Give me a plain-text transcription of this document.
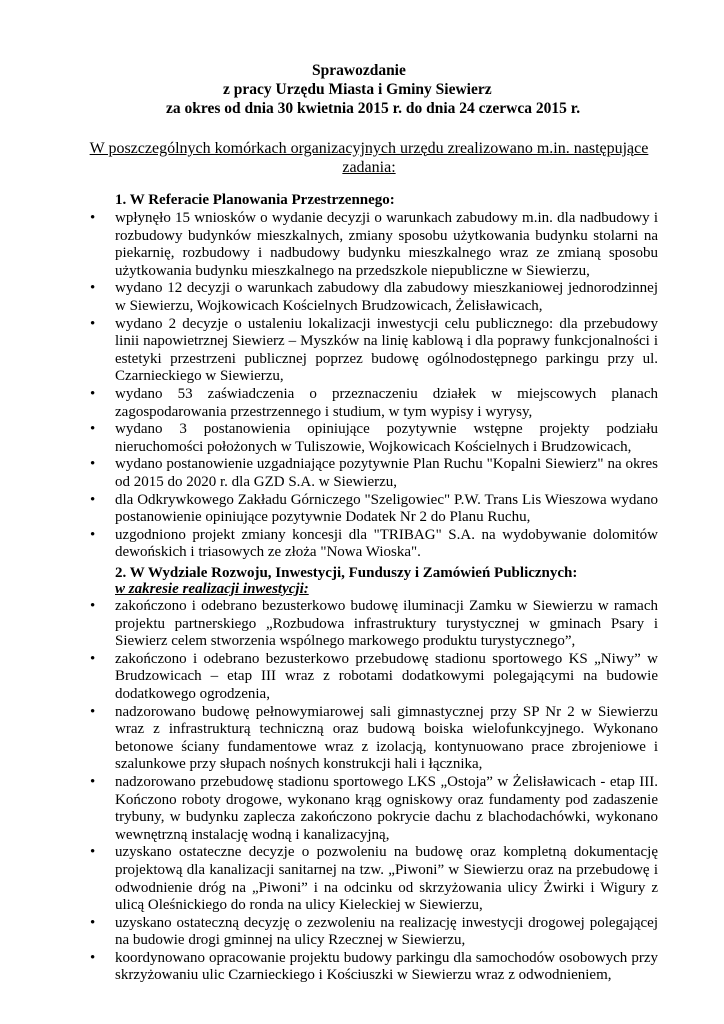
Sprawozdanie
z pracy Urzędu Miasta i Gminy Siewierz
za okres od dnia 30 kwietnia 2015 r. do dnia 24 czerwca 2015 r.
W poszczególnych komórkach organizacyjnych urzędu zrealizowano m.in. następujące zadania:
1. W Referacie Planowania Przestrzennego:
• wpłynęło 15 wniosków o wydanie decyzji o warunkach zabudowy m.in. dla nadbudowy i rozbudowy budynków mieszkalnych, zmiany sposobu użytkowania budynku stolarni na piekarnię, rozbudowy i nadbudowy budynku mieszkalnego wraz ze zmianą sposobu użytkowania budynku mieszkalnego na przedszkole niepubliczne w Siewierzu,
• wydano 12 decyzji o warunkach zabudowy dla zabudowy mieszkaniowej jednorodzinnej w Siewierzu, Wojkowicach Kościelnych Brudzowicach, Żelisławicach,
• wydano 2 decyzje o ustaleniu lokalizacji inwestycji celu publicznego: dla przebudowy linii napowietrznej Siewierz – Myszków na linię kablową i dla poprawy funkcjonalności i estetyki przestrzeni publicznej poprzez budowę ogólnodostępnego parkingu przy ul. Czarnieckiego w Siewierzu,
• wydano 53 zaświadczenia o przeznaczeniu działek w miejscowych planach zagospodarowania przestrzennego i studium, w tym wypisy i wyrysy,
• wydano 3 postanowienia opiniujące pozytywnie wstępne projekty podziału nieruchomości położonych w Tuliszowie, Wojkowicach Kościelnych i Brudzowicach,
• wydano postanowienie uzgadniające pozytywnie Plan Ruchu "Kopalni Siewierz" na okres od 2015 do 2020 r. dla GZD S.A. w Siewierzu,
• dla Odkrywkowego Zakładu Górniczego "Szeligowiec" P.W. Trans Lis Wieszowa wydano postanowienie opiniujące pozytywnie Dodatek Nr 2 do Planu Ruchu,
• uzgodniono projekt zmiany koncesji dla "TRIBAG" S.A. na wydobywanie dolomitów dewońskich i triasowych ze złoża "Nowa Wioska".
2. W Wydziale Rozwoju, Inwestycji, Funduszy i Zamówień Publicznych:
w zakresie realizacji inwestycji:
• zakończono i odebrano bezusterkowo budowę iluminacji Zamku w Siewierzu w ramach projektu partnerskiego „Rozbudowa infrastruktury turystycznej w gminach Psary i Siewierz celem stworzenia wspólnego markowego produktu turystycznego”,
• zakończono i odebrano bezusterkowo przebudowę stadionu sportowego KS „Niwy” w Brudzowicach – etap III wraz z robotami dodatkowymi polegającymi na budowie dodatkowego ogrodzenia,
• nadzorowano budowę pełnowymiarowej sali gimnastycznej przy SP Nr 2 w Siewierzu wraz z infrastrukturą techniczną oraz budową boiska wielofunkcyjnego. Wykonano betonowe ściany fundamentowe wraz z izolacją, kontynuowano prace zbrojeniowe i szalunkowe przy słupach nośnych konstrukcji hali i łącznika,
• nadzorowano przebudowę stadionu sportowego LKS „Ostoja” w Żelisławicach - etap III. Kończono roboty drogowe, wykonano krąg ogniskowy oraz fundamenty pod zadaszenie trybuny, w budynku zaplecza zakończono pokrycie dachu z blachodachówki, wykonano wewnętrzną instalację wodną i kanalizacyjną,
• uzyskano ostateczne decyzje o pozwoleniu na budowę oraz kompletną dokumentację projektową dla kanalizacji sanitarnej na tzw. „Piwoni” w Siewierzu oraz na przebudowę i odwodnienie dróg na „Piwoni” i na odcinku od skrzyżowania ulicy Żwirki i Wigury z ulicą Oleśnickiego do ronda na ulicy Kieleckiej w Siewierzu,
• uzyskano ostateczną decyzję o zezwoleniu na realizację inwestycji drogowej polegającej na budowie drogi gminnej na ulicy Rzecznej w Siewierzu,
• koordynowano opracowanie projektu budowy parkingu dla samochodów osobowych przy skrzyżowaniu ulic Czarnieckiego i Kościuszki w Siewierzu wraz z odwodnieniem,
